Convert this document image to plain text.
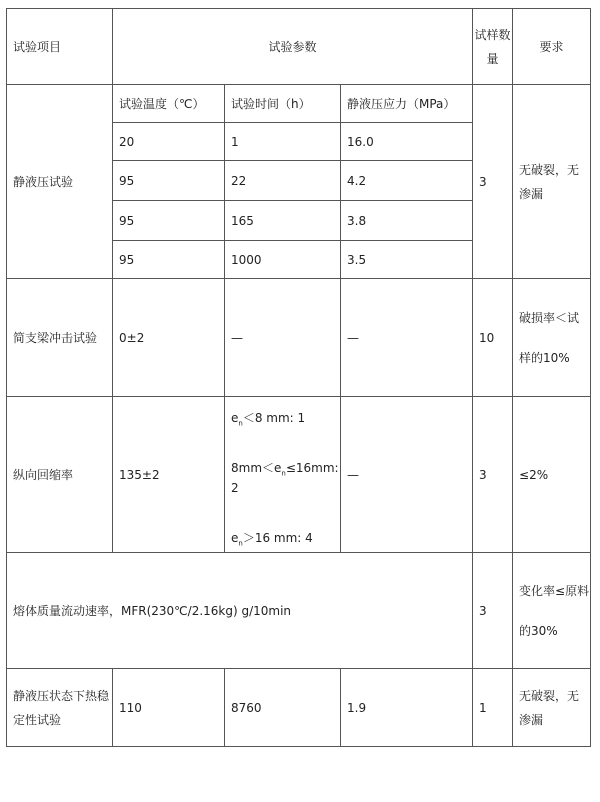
试验项目	试验参数			试样数量	要求
静液压试验	试验温度（℃）	试验时间（h）	静液压应力（MPa）	3	无破裂，无渗漏
	20	1	16.0		
	95	22	4.2		
	95	165	3.8		
	95	1000	3.5		
简支梁冲击试验	0±2	—	—	10	破损率＜试样的10%
纵向回缩率	135±2	$e_n<8$ mm: 1
$8mm<e_n\le 16mm$: 2
$e_n>16$ mm: 4	—	3	≤2%
熔体质量流动速率，MFR(230℃/2.16kg) g/10min				3	变化率≤原料的30%
静液压状态下热稳定性试验	110	8760	1.9	1	无破裂，无渗漏
